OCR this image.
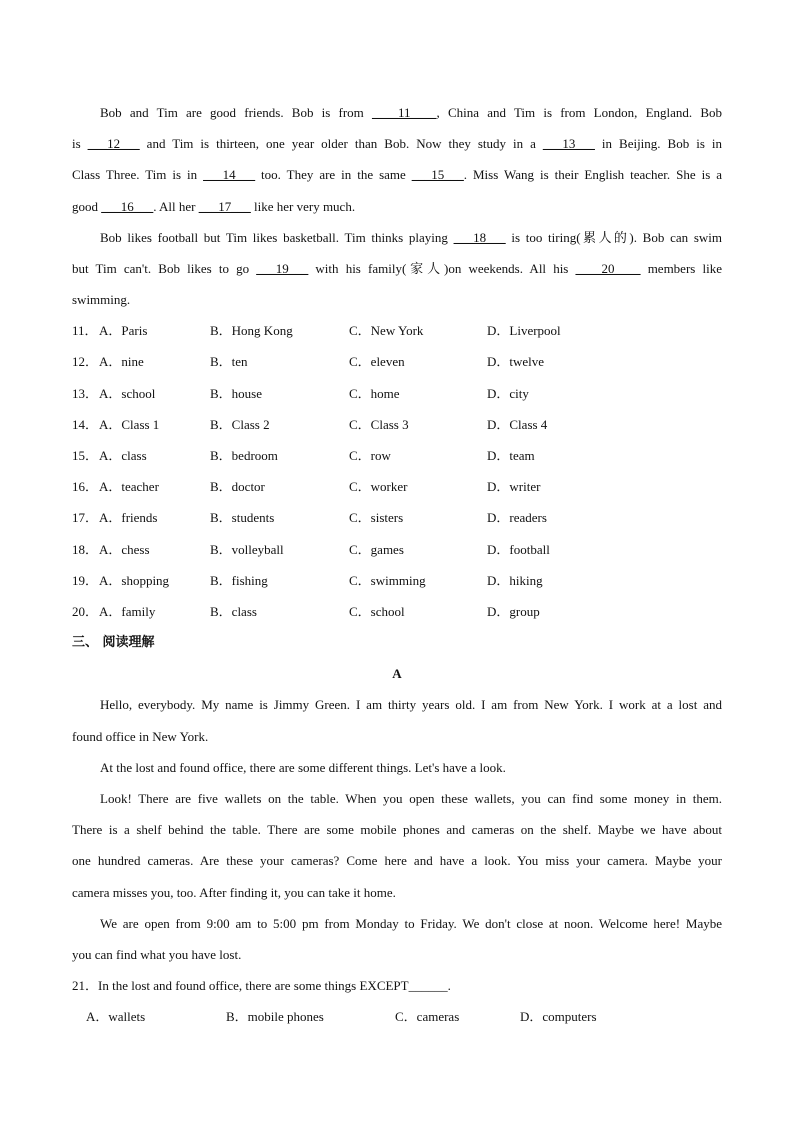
Bob and Tim are good friends. Bob is from ____11____, China and Tim is from London, England. Bob
is ___12___ and Tim is thirteen, one year older than Bob. Now they study in a ___13___ in Beijing. Bob is in
Class Three. Tim is in ___14___ too. They are in the same ___15___. Miss Wang is their English teacher. She is a
good ___16___. All her ___17___ like her very much.
Bob likes football but Tim likes basketball. Tim thinks playing ___18___ is too tiring(累人的). Bob can swim
but Tim can't. Bob likes to go ___19___ with his family(家人)on weekends. All his ____20____ members like
swimming.
11． A．Paris	B．Hong Kong	C．New York	D．Liverpool
12． A．nine	B．ten	C．eleven	D．twelve
13． A．school	B．house	C．home	D．city
14． A．Class 1	B．Class 2	C．Class 3	D．Class 4
15． A．class	B．bedroom	C．row	D．team
16． A．teacher	B．doctor	C．worker	D．writer
17． A．friends	B．students	C．sisters	D．readers
18． A．chess	B．volleyball	C．games	D．football
19． A．shopping	B．fishing	C．swimming	D．hiking
20． A．family	B．class	C．school	D．group
三、 阅读理解
A
Hello, everybody. My name is Jimmy Green. I am thirty years old. I am from New York. I work at a lost and
found office in New York.
At the lost and found office, there are some different things. Let's have a look.
Look! There are five wallets on the table. When you open these wallets, you can find some money in them.
There is a shelf behind the table. There are some mobile phones and cameras on the shelf. Maybe we have about
one hundred cameras. Are these your cameras? Come here and have a look. You miss your camera. Maybe your
camera misses you, too. After finding it, you can take it home.
We are open from 9:00 am to 5:00 pm from Monday to Friday. We don't close at noon. Welcome here! Maybe
you can find what you have lost.
21．In the lost and found office, there are some things EXCEPT______.
A．wallets	B．mobile phones	C．cameras	D．computers
